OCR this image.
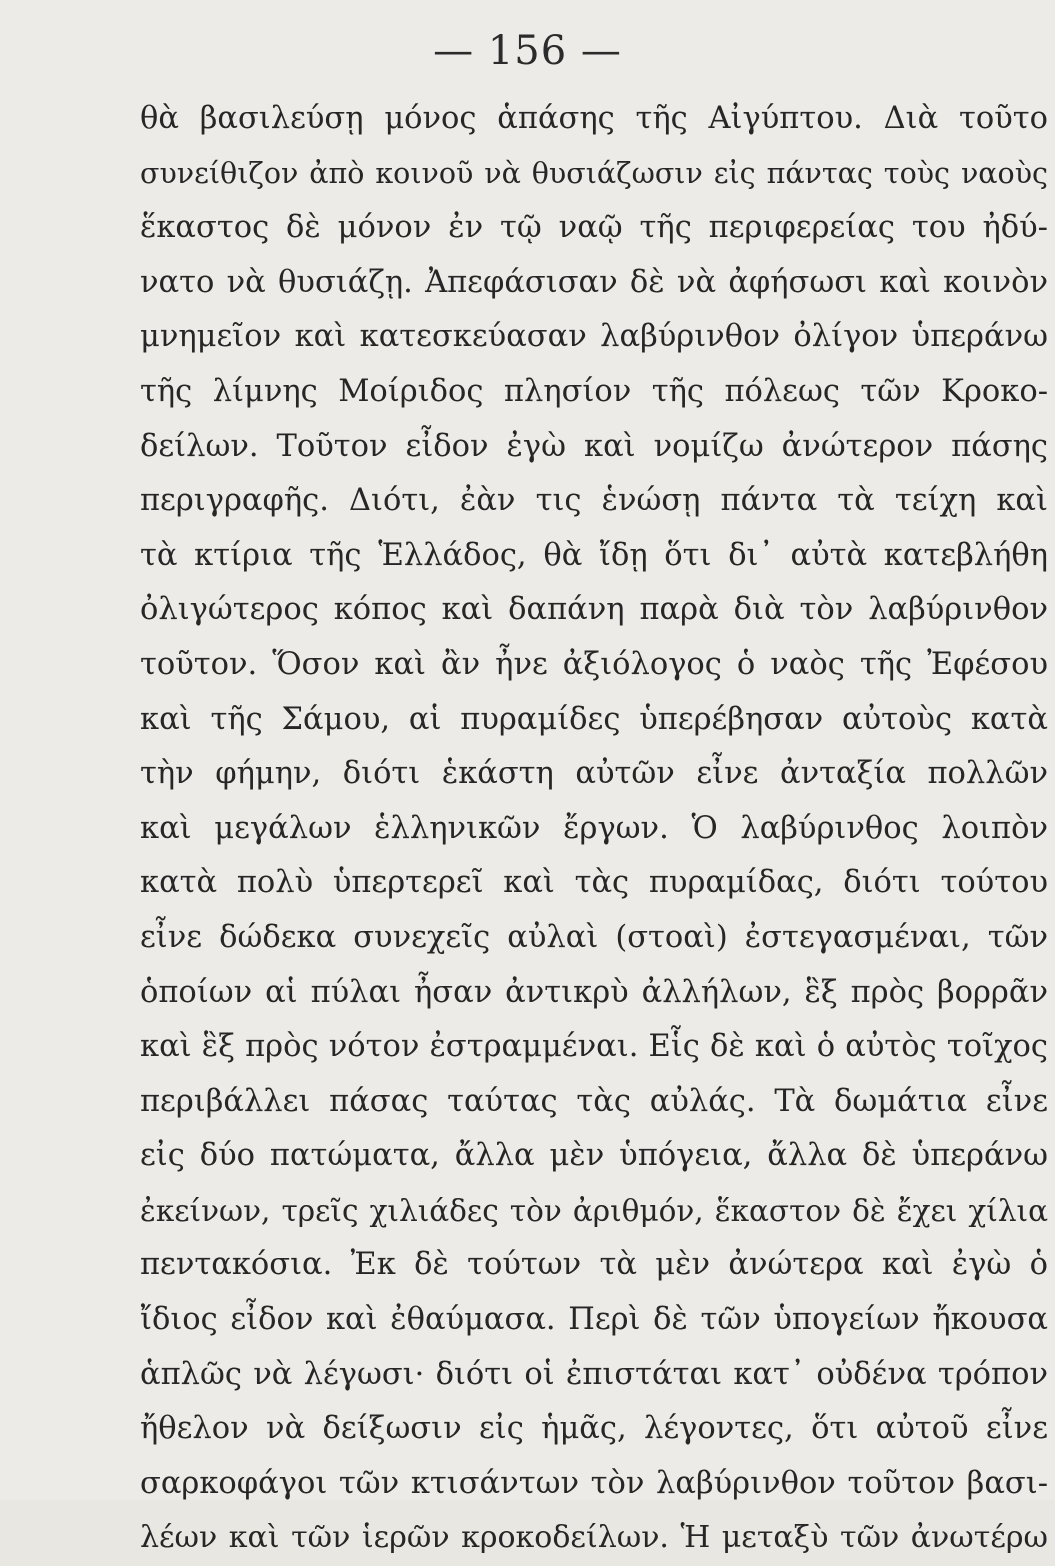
— 156 —
θὰ βασιλεύσῃ μόνος ἁπάσης τῆς Αἰγύπτου. Διὰ τοῦτο
συνείθιζον ἀπὸ κοινοῦ νὰ θυσιάζωσιν εἰς πάντας τοὺς ναοὺς
ἕκαστος δὲ μόνον ἐν τῷ ναῷ τῆς περιφερείας του ἠδύ-
νατο νὰ θυσιάζῃ. Ἀπεφάσισαν δὲ νὰ ἀφήσωσι καὶ κοινὸν
μνημεῖον καὶ κατεσκεύασαν λαβύρινθον ὀλίγον ὑπεράνω
τῆς λίμνης Μοίριδος πλησίον τῆς πόλεως τῶν Κροκο-
δείλων. Τοῦτον εἶδον ἐγὼ καὶ νομίζω ἀνώτερον πάσης
περιγραφῆς. Διότι, ἐὰν τις ἑνώσῃ πάντα τὰ τείχη καὶ
τὰ κτίρια τῆς Ἑλλάδος, θὰ ἴδῃ ὅτι δι᾽ αὐτὰ κατεβλήθη
ὀλιγώτερος κόπος καὶ δαπάνη παρὰ διὰ τὸν λαβύρινθον
τοῦτον. Ὅσον καὶ ἂν ἦνε ἀξιόλογος ὁ ναὸς τῆς Ἐφέσου
καὶ τῆς Σάμου, αἱ πυραμίδες ὑπερέβησαν αὐτοὺς κατὰ
τὴν φήμην, διότι ἑκάστη αὐτῶν εἶνε ἀνταξία πολλῶν
καὶ μεγάλων ἑλληνικῶν ἔργων. Ὁ λαβύρινθος λοιπὸν
κατὰ πολὺ ὑπερτερεῖ καὶ τὰς πυραμίδας, διότι τούτου
εἶνε δώδεκα συνεχεῖς αὐλαὶ (στοαὶ) ἐστεγασμέναι, τῶν
ὁποίων αἱ πύλαι ἦσαν ἀντικρὺ ἀλλήλων, ἓξ πρὸς βορρᾶν
καὶ ἓξ πρὸς νότον ἐστραμμέναι. Εἷς δὲ καὶ ὁ αὐτὸς τοῖχος
περιβάλλει πάσας ταύτας τὰς αὐλάς. Τὰ δωμάτια εἶνε
εἰς δύο πατώματα, ἄλλα μὲν ὑπόγεια, ἄλλα δὲ ὑπεράνω
ἐκείνων, τρεῖς χιλιάδες τὸν ἀριθμόν, ἕκαστον δὲ ἔχει χίλια
πεντακόσια. Ἐκ δὲ τούτων τὰ μὲν ἀνώτερα καὶ ἐγὼ ὁ
ἴδιος εἶδον καὶ ἐθαύμασα. Περὶ δὲ τῶν ὑπογείων ἤκουσα
ἁπλῶς νὰ λέγωσι· διότι οἱ ἐπιστάται κατ᾽ οὐδένα τρόπον
ἤθελον νὰ δείξωσιν εἰς ἡμᾶς, λέγοντες, ὅτι αὐτοῦ εἶνε
σαρκοφάγοι τῶν κτισάντων τὸν λαβύρινθον τοῦτον βασι-
λέων καὶ τῶν ἱερῶν κροκοδείλων. Ἡ μεταξὺ τῶν ἀνωτέρω
